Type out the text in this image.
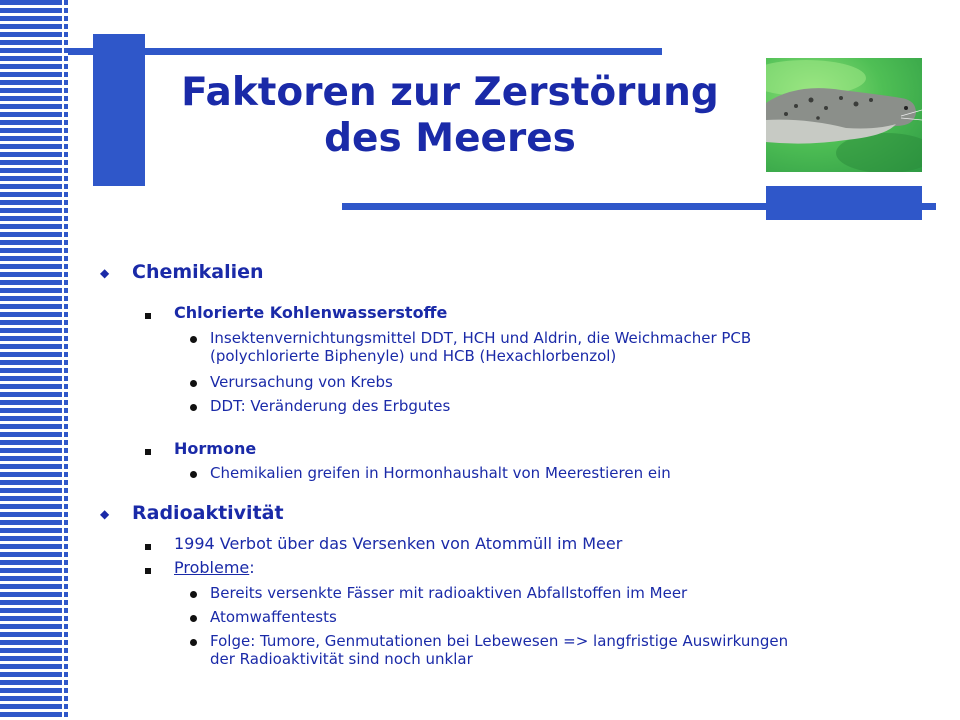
Faktoren zur Zerstörung
des Meeres
◆ Chemikalien
Chlorierte Kohlenwasserstoffe
Insektenvernichtungsmittel DDT, HCH und Aldrin, die Weichmacher PCB
(polychlorierte Biphenyle) und HCB (Hexachlorbenzol)
Verursachung von Krebs
DDT: Veränderung des Erbgutes
Hormone
Chemikalien greifen in Hormonhaushalt von Meerestieren ein
◆ Radioaktivität
1994 Verbot über das Versenken von Atommüll im Meer
Probleme:
Bereits versenkte Fässer mit radioaktiven Abfallstoffen im Meer
Atomwaffentests
Folge: Tumore, Genmutationen bei Lebewesen => langfristige Auswirkungen
der Radioaktivität sind noch unklar
